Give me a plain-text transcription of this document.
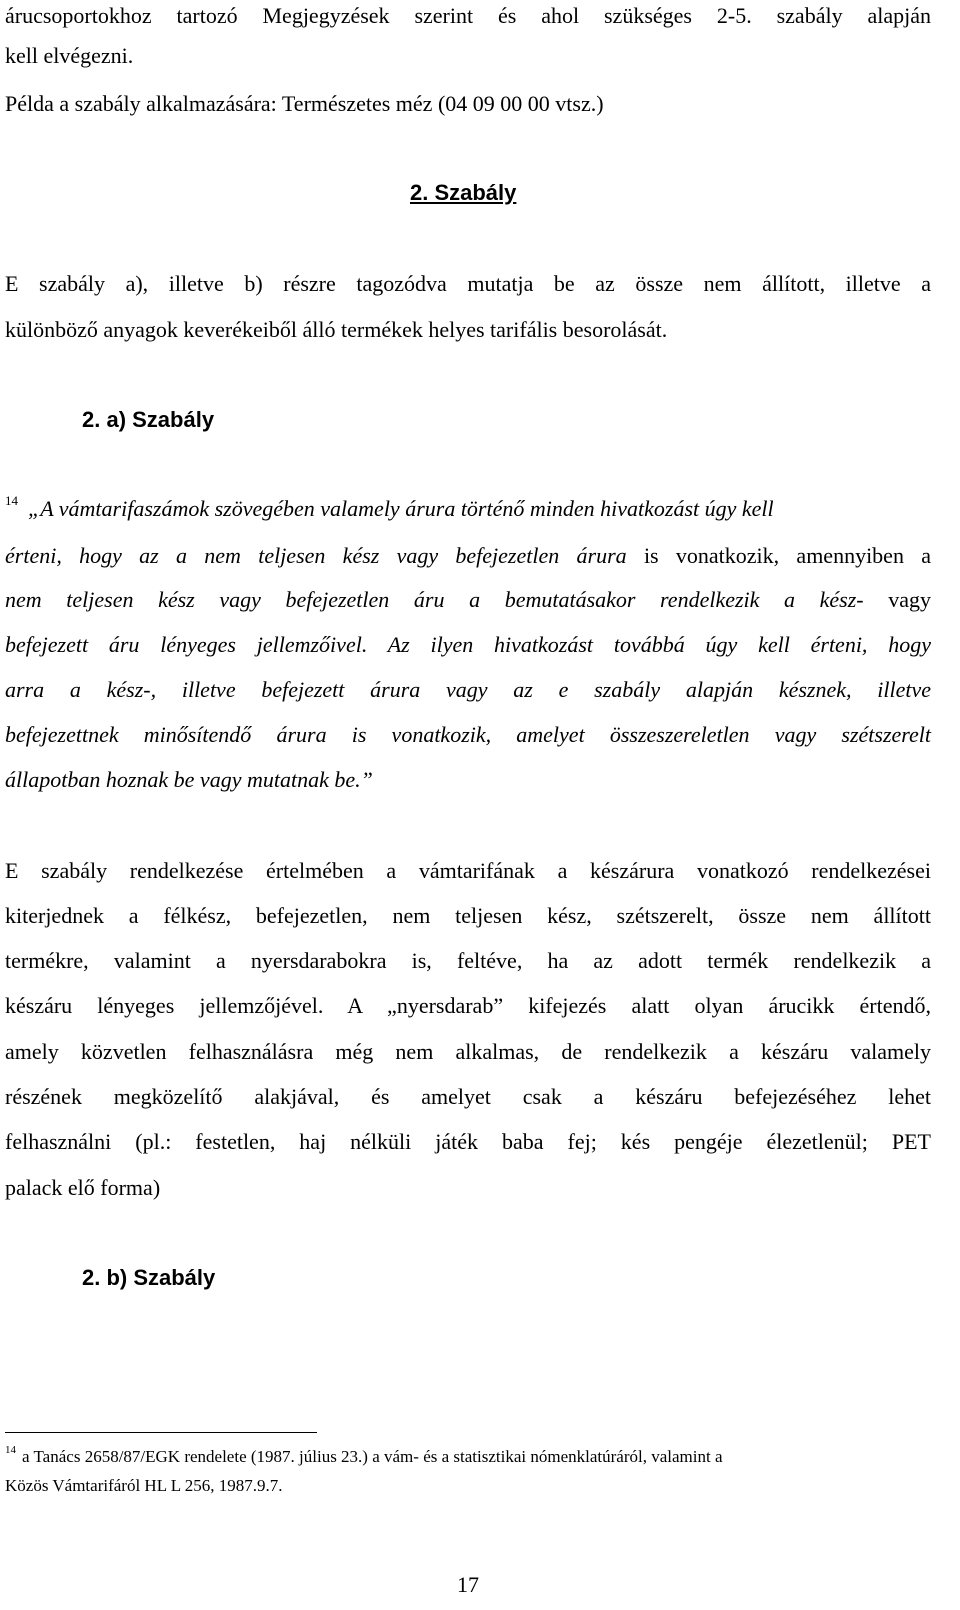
árucsoportokhoz tartozó Megjegyzések szerint és ahol szükséges 2-5. szabály alapján
kell elvégezni.
Példa a szabály alkalmazására: Természetes méz (04 09 00 00 vtsz.)
2. Szabály
E szabály a), illetve b) részre tagozódva mutatja be az össze nem állított, illetve a
különböző anyagok keverékeiből álló termékek helyes tarifális besorolását.
2. a) Szabály
$^{14}$ „A vámtarifaszámok szövegében valamely árura történő minden hivatkozást úgy kell
érteni, hogy az a nem teljesen kész vagy befejezetlen árura is vonatkozik, amennyiben a
nem teljesen kész vagy befejezetlen áru a bemutatásakor rendelkezik a kész- vagy
befejezett áru lényeges jellemzőivel. Az ilyen hivatkozást továbbá úgy kell érteni, hogy
arra a kész-, illetve befejezett árura vagy az e szabály alapján késznek, illetve
befejezettnek minősítendő árura is vonatkozik, amelyet összeszereletlen vagy szétszerelt
állapotban hoznak be vagy mutatnak be.”
E szabály rendelkezése értelmében a vámtarifának a készárura vonatkozó rendelkezései
kiterjednek a félkész, befejezetlen, nem teljesen kész, szétszerelt, össze nem állított
termékre, valamint a nyersdarabokra is, feltéve, ha az adott termék rendelkezik a
készáru lényeges jellemzőjével. A „nyersdarab” kifejezés alatt olyan árucikk értendő,
amely közvetlen felhasználásra még nem alkalmas, de rendelkezik a készáru valamely
részének megközelítő alakjával, és amelyet csak a készáru befejezéséhez lehet
felhasználni (pl.: festetlen, haj nélküli játék baba fej; kés pengéje élezetlenül; PET
palack elő forma)
2. b) Szabály
$^{14}$ a Tanács 2658/87/EGK rendelete (1987. július 23.) a vám- és a statisztikai nómenklatúráról, valamint a
Közös Vámtarifáról HL L 256, 1987.9.7.
17
